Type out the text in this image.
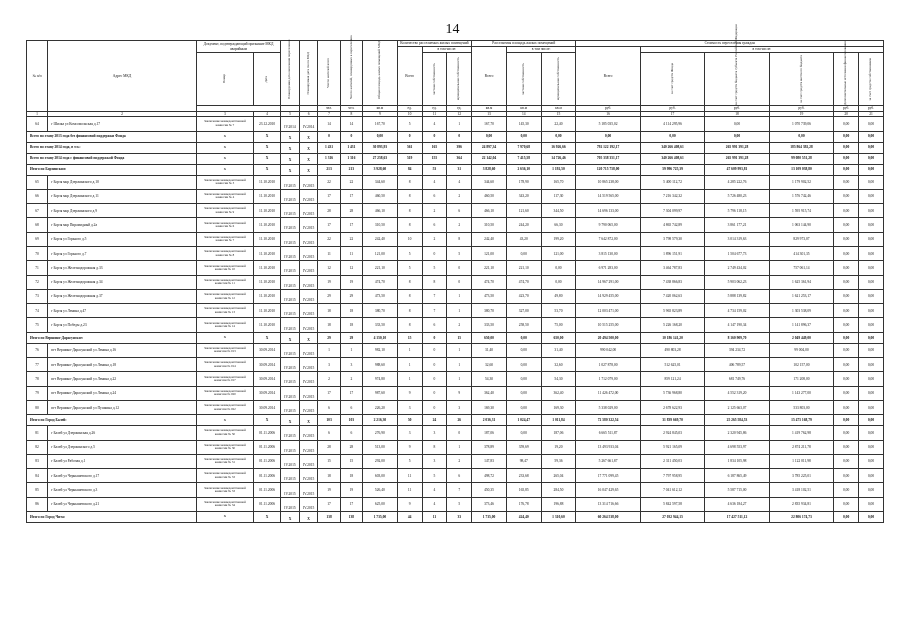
14
№ п/п	Адрес МКД	Документ, подтверждающий признание МКД аварийным		Планируемая дата окончания переселения	Планируемая дата сноса МКД	Число жителей всего	Число жителей, планируемых к переселению	Общая площадь жилых помещений МКД	Количество расселяемых жилых помещений			Расселяемая площадь жилых помещений			Стоимость переселения граждан					
									Всего	в том числе:		Всего	в том числе:		Всего	в том числе:				

		Номер	Дата							частная собственность	муниципальная собственность		частная собственность	муниципальная собственность		за счет средств Фонда	за счет средств бюджета субъекта Российской Федерации	за счет средств местного бюджета	Дополнительные источники финансирования	за счет средств собственников

						чел.	чел.	кв.м	ед.	ед.	ед.	кв.м	кв.м	кв.м	руб.	руб.	руб.	руб.	руб.	руб.
1	2	3	4	5	6	7	8	9	10	11	12	13	14	15	16	17	18	19	20	21
64	г Шилка ул Комсомольская д.17	Заключение межведомственной комиссии № 7	23.12.2010	IV.2014	IV.2014	14	14	167,70	5	4	1	167,70	145,30	22,40	5 185 035,02	4 114 295,96	0,00	1 070 739,06	0,00	0,00
Всего по этапу 2013 года без финансовой поддержки Фонда		X	X	X	X	0	0	0,00	0	0	0	0,00	0,00	0,00	0,00	0,00	0,00	0,00	0,00	0,00
Всего по этапу 2014 года, в т.ч.:		X	X	X	X	1 431	1 431	30 893,93	561	165	396	24 897,34	7 970,68	16 926,66	792 122 192,17	340 266 408,61	265 991 391,28	185 864 392,28	0,00	0,00
Всего по этапу 2014 года с финансовой поддержкой Фонда		X	X	X	X	1 316	1 316	27 258,63	519	155	364	22 142,04	7 415,58	14 726,46	705 338 351,17	340 266 408,61	265 991 391,28	99 080 551,28	0,00	0,00
Итого по Борзинском:		X	X	X	X	213	213	3 928,60	84	53	31	3 828,60	2 636,10	1 192,50	120 715 758,00	59 996 725,39	47 609 993,81	13 109 038,80	0,00	0,00
65	г Борзя мкр Дзержинского д.10	Заключение межведомственной комиссии № 3	11.10.2010	IV.2015	IV.2015	22	22	344,60	8	4	4	344,60	178,90	165,70	10 865 238,00	5 400 112,72	4 285 222,76	1 179 902,52	0,00	0,00
66	г Борзя мкр Дзержинского д.11	Заключение межведомственной комиссии № 4	11.10.2010	IV.2015	IV.2015	17	17	460,50	8	6	2	460,50	343,20	117,30	14 519 565,00	7 216 342,32	5 726 480,23	1 576 742,46	0,00	0,00
67	г Борзя мкр Дзержинского д.9	Заключение межведомственной комиссии № 9	11.10.2010	IV.2015	IV.2015	28	28	466,10	8	2	6	466,10	121,60	344,50	14 696 133,00	7 304 099,97	5 796 118,15	1 595 915,74	0,00	0,00
68	г Борзя мкр Пирамидный д.2а	Заключение межведомственной комиссии № 6	11.10.2010	IV.2015	IV.2015	17	17	310,50	8	6	2	310,50	244,20	66,30	9 790 065,00	4 865 742,89	3 861 177,21	1 063 144,90	0,00	0,00
69	г Борзя ул Горького д.5	Заключение межведомственной комиссии № 7	11.10.2010	IV.2015	IV.2015	22	22	242,40	10	2	8	242,40	43,20	199,20	7 642 872,00	3 798 579,30	3 014 319,63	829 973,07	0,00	0,00
70	г Борзя ул Горького д.7	Заключение межведомственной комиссии № 8	11.10.2010	IV.2015	IV.2015	11	11	121,00	5	0	5	121,00	0,00	121,00	3 815 130,00	1 896 151,91	1 504 677,73	414 301,35	0,00	0,00
71	г Борзя ул Железнодорожная д.33	Заключение межведомственной комиссии № 10	11.10.2010	IV.2015	IV.2015	12	12	221,10	5	5	0	221,10	221,10	0,00	6 971 283,00	3 464 787,83	2 749 434,02	757 061,14	0,00	0,00
72	г Борзя ул Железнодорожная д.34	Заключение межведомственной комиссии № 11	11.10.2010	IV.2015	IV.2015	19	19	474,70	8	8	0	474,70	474,70	0,00	14 967 291,00	7 438 866,83	5 903 062,23	1 625 361,94	0,00	0,00
73	г Борзя ул Железнодорожная д.37	Заключение межведомственной комиссии № 12	11.10.2010	IV.2015	IV.2015	29	29	473,50	8	7	1	473,50	423,70	49,80	14 929 455,00	7 420 062,63	5 888 139,82	1 621 253,17	0,00	0,00
74	г Борзя ул Ленина д.47	Заключение межведомственной комиссии № 13	11.10.2010	IV.2015	IV.2015	18	18	380,70	8	7	1	380,70	327,00	53,70	12 003 471,00	5 965 823,89	4 734 159,02	1 303 538,09	0,00	0,00
75	г Борзя ул Победы д.23	Заключение межведомственной комиссии № 14	11.10.2010	IV.2015	IV.2015	18	18	333,50	8	6	2	333,50	258,50	75,00	10 515 255,00	5 226 168,20	4 147 190,34	1 141 896,37	0,00	0,00
Итого по Вершино-Дарасунское:		X	X	X	X	29	29	4 150,10	15	0	15	650,00	0,00	650,00	20 494 500,00	10 186 141,20	8 160 909,70	2 049 449,00	0,00	0,00
76	пгт Вершино-Дарасунский ул Ленина д.16	Заключение межведомственной комиссии № 013	30.09.2014	IV.2015	IV.2015	1	1	982,10	1	0	1	31,40	0,00	31,40	990 042,00	490 803,28	394 234,72	99 004,00	0,00	0,00
77	пгт Вершино-Дарасунский ул Ленина д.18	Заключение межведомственной комиссии № 014	30.09.2014	IV.2015	IV.2015	3	3	988,60	1	0	1	32,60	0,00	32,60	1 027 878,00	512 625,01	406 789,57	102 157,00	0,00	0,00
78	пгт Вершино-Дарасунский ул Ленина д.22	Заключение межведомственной комиссии № 017	30.09.2014	IV.2015	IV.2015	2	2	974,80	1	0	1	54,30	0,00	54,30	1 712 079,00	859 121,24	681 749,76	171 208,00	0,00	0,00
79	пгт Вершино-Дарасунский ул Ленина д.24	Заключение межведомственной комиссии № 020	30.09.2014	IV.2015	IV.2015	17	17	987,60	9	0	9	362,40	0,00	362,40	11 426 472,00	5 736 968,80	4 552 319,20	1 143 277,00	0,00	0,00
80	пгт Вершино-Дарасунский ул Пушкина д.12	Заключение межведомственной комиссии № 022	30.09.2014	IV.2015	IV.2015	6	6	226,20	3	0	3	169,30	0,00	169,30	5 338 029,00	2 678 622,93	2 125 663,07	533 803,00	0,00	0,00
Итого по Город Балей:		X	X	X	X	103	103	2 216,30	50	24	26	2 036,31	1 024,47	1 011,84	72 580 322,54	31 839 669,70	25 265 584,53	15 475 168,79	0,00	0,00
81	г Балей ул Дзержинская д.26	Заключение межведомственной комиссии № 50	01.11.2006	IV.2015	IV.2015	6	6	276,90	3	3	0	187,06	0,00	187,06	6 665 511,87	2 924 845,03	2 320 945,86	1 419 762,98	0,00	0,00
82	г Балей ул Дзержинского д.5	Заключение межведомственной комиссии № 30	01.11.2006	IV.2015	IV.2015	28	28	513,00	9	8	1	378,89	359,69	19,20	13 493 933,04	5 921 165,09	4 698 553,97	2 874 211,78	0,00	0,00
83	г Балей ул Рабочая д.1	Заключение межведомственной комиссии № 31	01.11.2006	IV.2015	IV.2015	15	15	292,00	5	3	2	147,83	98,47	59,36	5 267 661,87	2 311 450,03	1 834 105,98	1 122 011,98	0,00	0,00
84	г Балей ул Чернышевского д.17	Заключение межведомственной комиссии № 33	01.11.2006	IV.2015	IV.2015	18	18	603,00	11	5	6	498,72	233,68	265,04	17 771 099,45	7 797 958,95	6 187 865,49	3 785 225,01	0,00	0,00
85	г Балей ул Чернышевского д.3	Заключение межведомственной комиссии № 33	01.11.2006	IV.2015	IV.2015	19	19	526,40	11	4	7	450,35	165,85	284,50	16 047 429,65	7 041 612,12	5 587 715,00	3 418 102,51	0,00	0,00
86	г Балей ул Чернышевского д.21	Заключение межведомственной комиссии № 34	01.11.2006	IV.2015	IV.2015	17	17	625,00	9	4	5	373,46	176,78	196,88	13 314 716,66	5 842 597,58	4 636 184,27	2 835 934,81	0,00	0,00
Итого по Город Чита:		X	X	X	X	138	138	1 735,00	44	11	33	1 735,00	424,40	1 310,60	60 264 538,00	27 032 944,15	17 427 511,12	22 806 174,73	0,00	0,00
